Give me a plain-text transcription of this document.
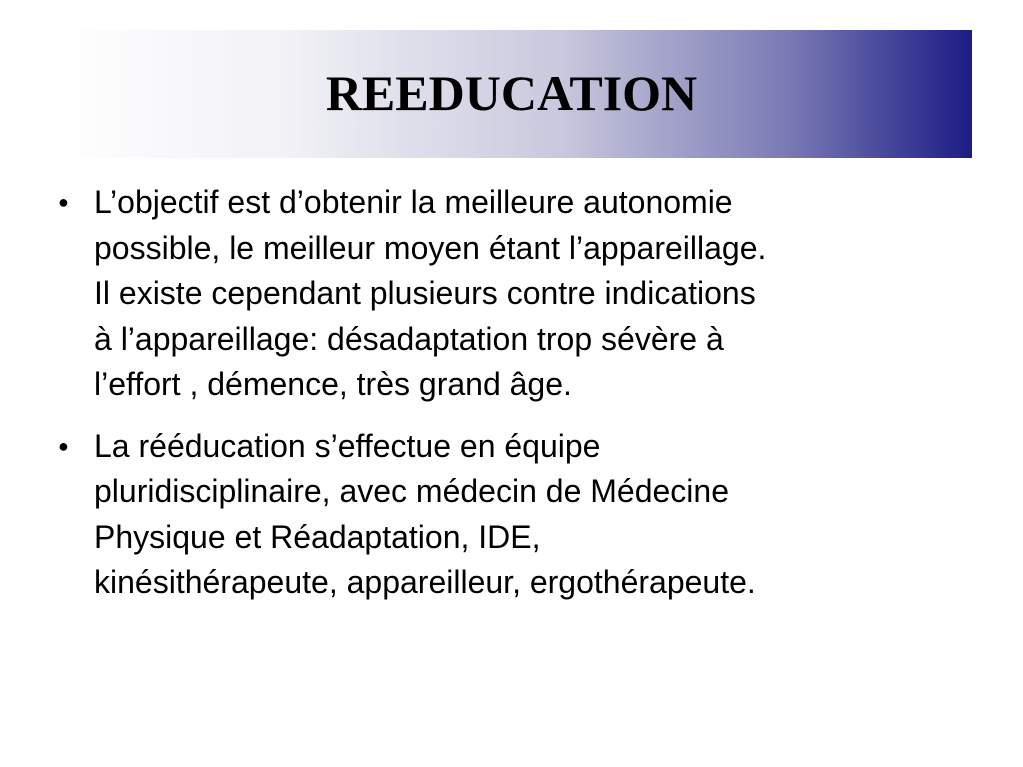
REEDUCATION
● L’objectif est d’obtenir la meilleure autonomie
possible, le meilleur moyen étant l’appareillage.
Il existe cependant plusieurs contre indications
à l’appareillage: désadaptation trop sévère à
l’effort , démence, très grand âge.
● La rééducation s’effectue en équipe
pluridisciplinaire, avec médecin de Médecine
Physique et Réadaptation, IDE,
kinésithérapeute, appareilleur, ergothérapeute.
